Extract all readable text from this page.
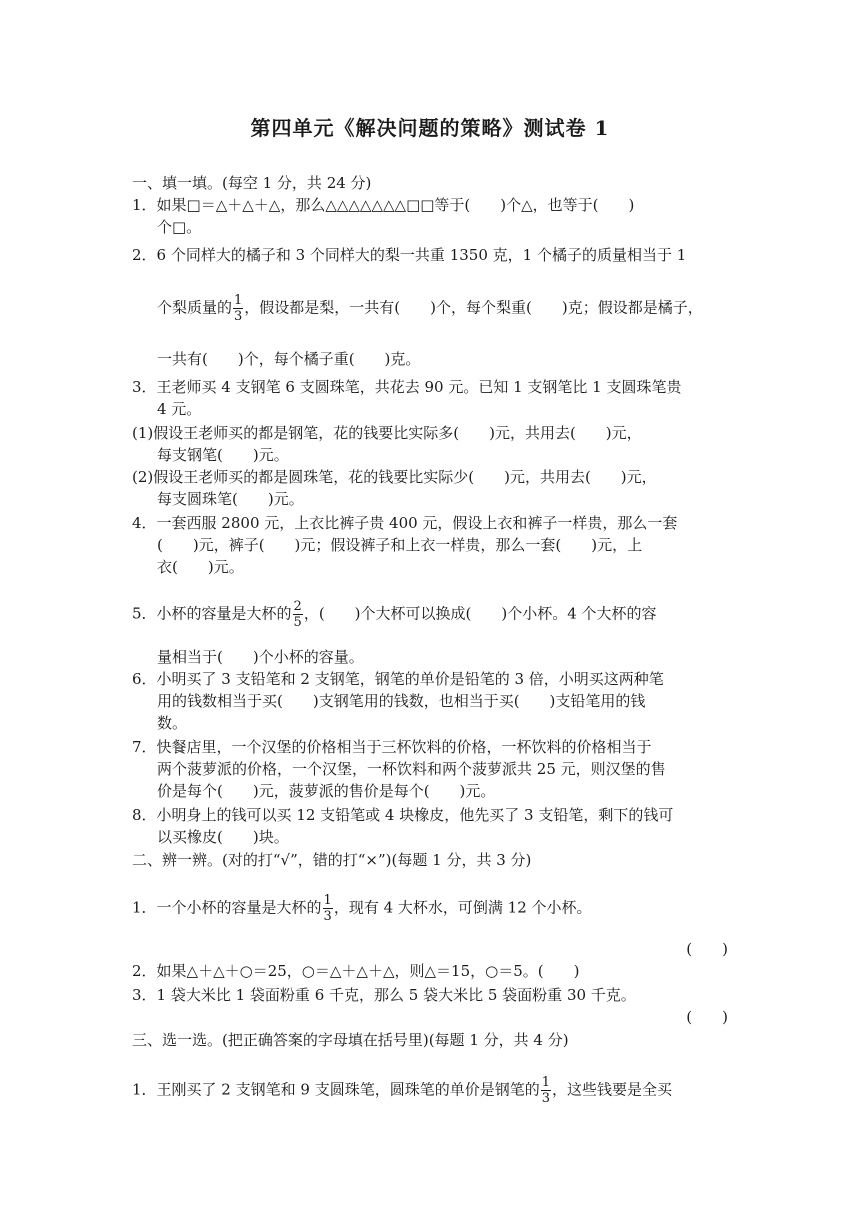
第四单元《解决问题的策略》测试卷 1
一、填一填。(每空 1 分，共 24 分)
1．如果□＝△＋△＋△，那么△△△△△△△□□等于(　　)个△，也等于(　　)
个□。
2．6 个同样大的橘子和 3 个同样大的梨一共重 1350 克，1 个橘子的质量相当于 1
个梨质量的 $\frac{1}{3}$ ，假设都是梨，一共有(　　)个，每个梨重(　　)克；假设都是橘子，
一共有(　　)个，每个橘子重(　　)克。
3．王老师买 4 支钢笔 6 支圆珠笔，共花去 90 元。已知 1 支钢笔比 1 支圆珠笔贵
4 元。
(1)假设王老师买的都是钢笔，花的钱要比实际多(　　)元，共用去(　　)元，
每支钢笔(　　)元。
(2)假设王老师买的都是圆珠笔，花的钱要比实际少(　　)元，共用去(　　)元，
每支圆珠笔(　　)元。
4．一套西服 2800 元，上衣比裤子贵 400 元，假设上衣和裤子一样贵，那么一套
(　　)元，裤子(　　)元；假设裤子和上衣一样贵，那么一套(　　)元，上
衣(　　)元。
5．小杯的容量是大杯的 $\frac{2}{5}$ ，(　　)个大杯可以换成(　　)个小杯。4 个大杯的容
量相当于(　　)个小杯的容量。
6．小明买了 3 支铅笔和 2 支钢笔，钢笔的单价是铅笔的 3 倍，小明买这两种笔
用的钱数相当于买(　　)支钢笔用的钱数，也相当于买(　　)支铅笔用的钱
数。
7．快餐店里，一个汉堡的价格相当于三杯饮料的价格，一杯饮料的价格相当于
两个菠萝派的价格，一个汉堡，一杯饮料和两个菠萝派共 25 元，则汉堡的售
价是每个(　　)元，菠萝派的售价是每个(　　)元。
8．小明身上的钱可以买 12 支铅笔或 4 块橡皮，他先买了 3 支铅笔，剩下的钱可
以买橡皮(　　)块。
二、辨一辨。(对的打“√”，错的打“×”)(每题 1 分，共 3 分)
1．一个小杯的容量是大杯的 $\frac{1}{3}$ ，现有 4 大杯水，可倒满 12 个小杯。
(　　)
2．如果△＋△＋○＝25，○＝△＋△＋△，则△＝15，○＝5。(　　)
3．1 袋大米比 1 袋面粉重 6 千克，那么 5 袋大米比 5 袋面粉重 30 千克。
(　　)
三、选一选。(把正确答案的字母填在括号里)(每题 1 分，共 4 分)
1．王刚买了 2 支钢笔和 9 支圆珠笔，圆珠笔的单价是钢笔的 $\frac{1}{3}$ ，这些钱要是全买
